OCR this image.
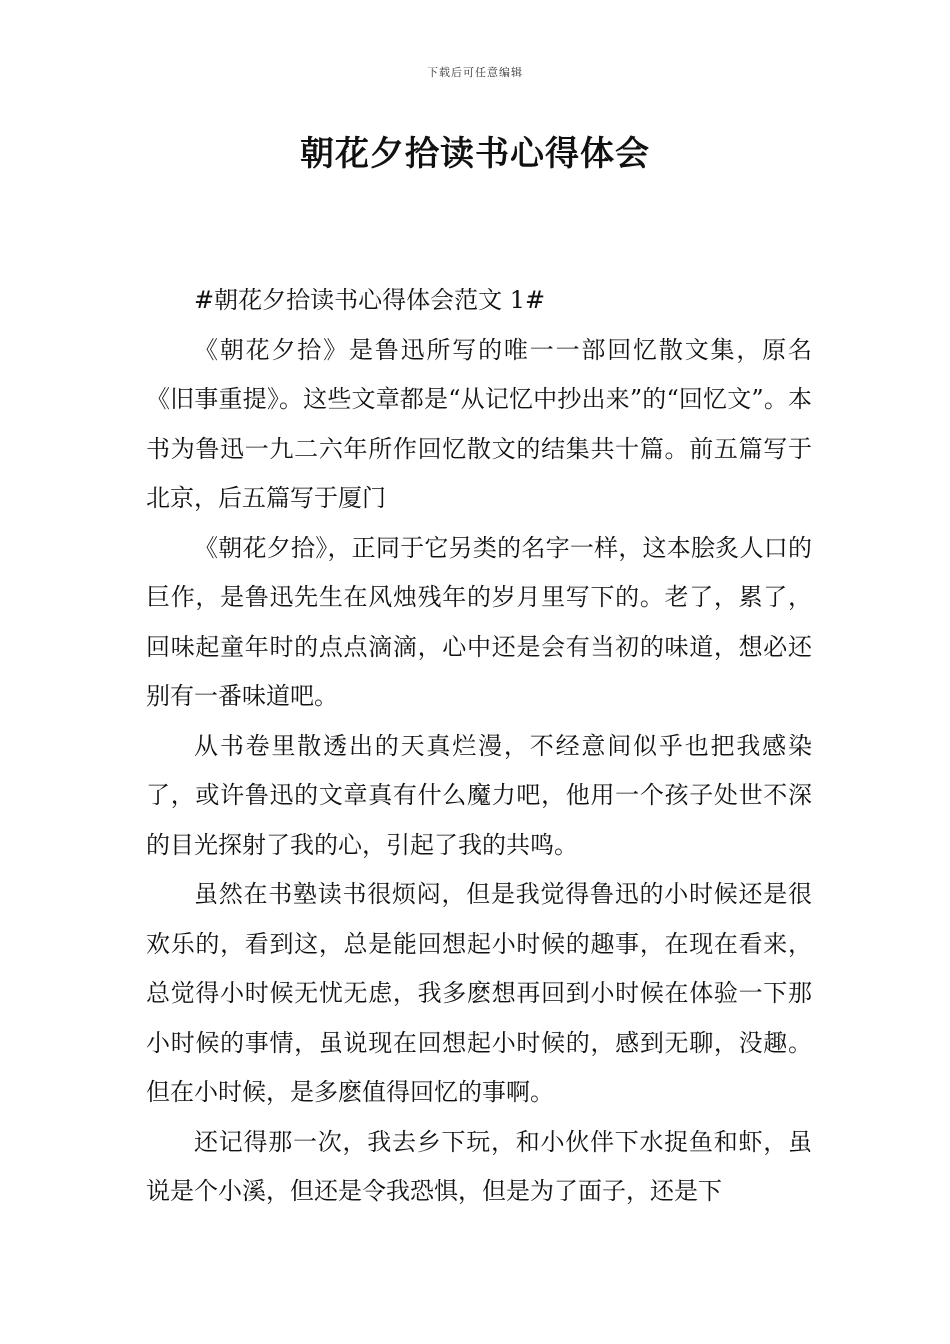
下载后可任意编辑
朝花夕拾读书心得体会

#朝花夕拾读书心得体会范文 1#

《朝花夕拾》是鲁迅所写的唯一一部回忆散文集，原名《旧事重提》。这些文章都是“从记忆中抄出来”的“回忆文”。本书为鲁迅一九二六年所作回忆散文的结集共十篇。前五篇写于北京，后五篇写于厦门

《朝花夕拾》，正同于它另类的名字一样，这本脍炙人口的巨作，是鲁迅先生在风烛残年的岁月里写下的。老了，累了，回味起童年时的点点滴滴，心中还是会有当初的味道，想必还别有一番味道吧。

从书卷里散透出的天真烂漫，不经意间似乎也把我感染了，或许鲁迅的文章真有什么魔力吧，他用一个孩子处世不深的目光探射了我的心，引起了我的共鸣。

虽然在书塾读书很烦闷，但是我觉得鲁迅的小时候还是很欢乐的，看到这，总是能回想起小时候的趣事，在现在看来，总觉得小时候无忧无虑，我多麽想再回到小时候在体验一下那小时候的事情，虽说现在回想起小时候的，感到无聊，没趣。但在小时候，是多麽值得回忆的事啊。

还记得那一次，我去乡下玩，和小伙伴下水捉鱼和虾，虽说是个小溪，但还是令我恐惧，但是为了面子，还是下
